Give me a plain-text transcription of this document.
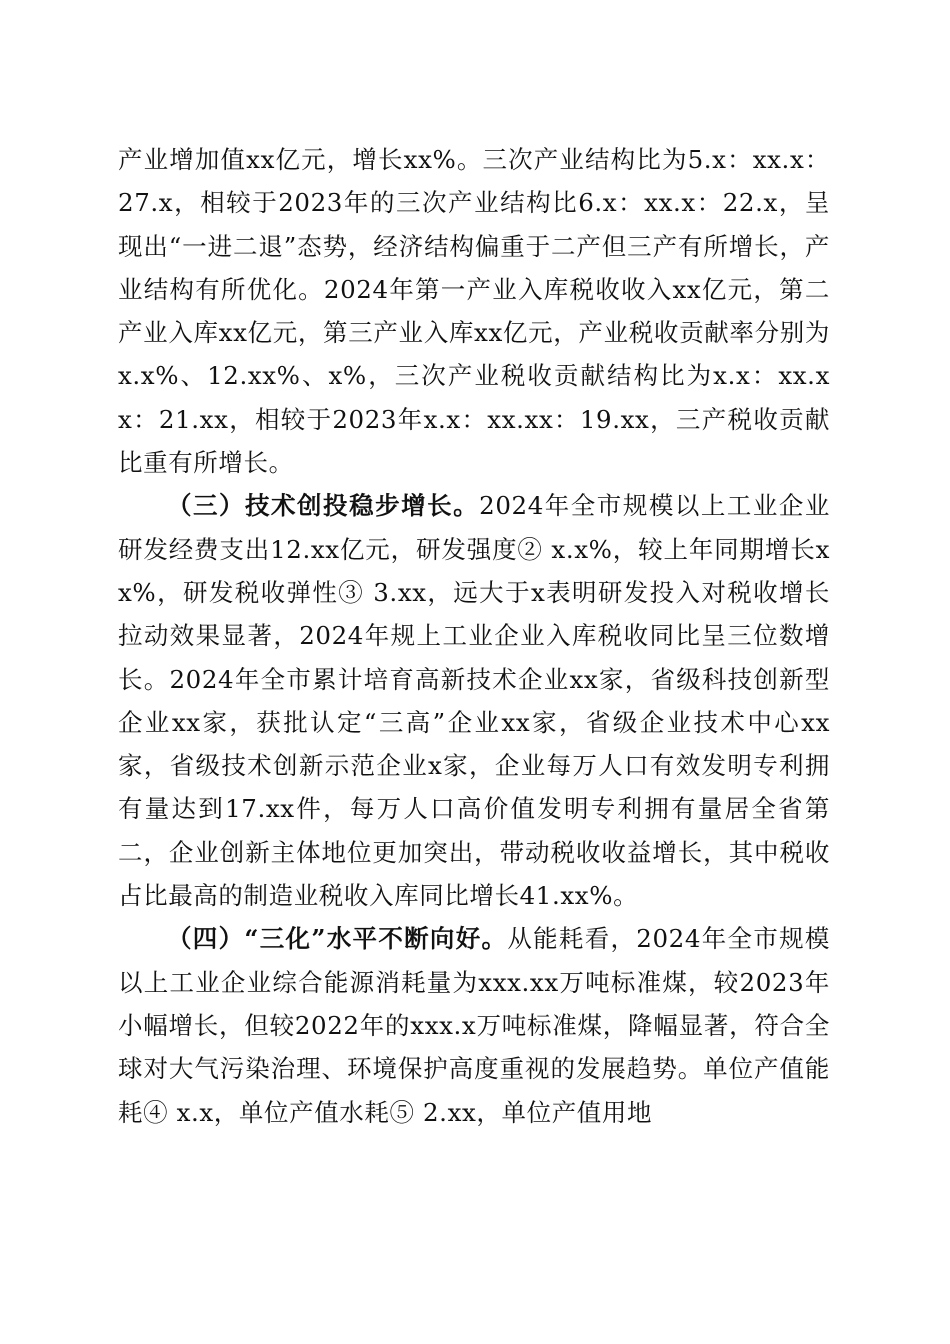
产业增加值xx亿元，增长xx%。三次产业结构比为5.x：xx.x：27.x，相较于2023年的三次产业结构比6.x：xx.x：22.x，呈现出“一进二退”态势，经济结构偏重于二产但三产有所增长，产业结构有所优化。2024年第一产业入库税收收入xx亿元，第二产业入库xx亿元，第三产业入库xx亿元，产业税收贡献率分别为x.x%、12.xx%、x%，三次产业税收贡献结构比为x.x：xx.xx：21.xx，相较于2023年x.x：xx.xx：19.xx，三产税收贡献比重有所增长。

（三）技术创投稳步增长。2024年全市规模以上工业企业研发经费支出12.xx亿元，研发强度② x.x%，较上年同期增长xx%，研发税收弹性③ 3.xx，远大于x表明研发投入对税收增长拉动效果显著，2024年规上工业企业入库税收同比呈三位数增长。2024年全市累计培育高新技术企业xx家，省级科技创新型企业xx家，获批认定“三高”企业xx家，省级企业技术中心xx家，省级技术创新示范企业x家，企业每万人口有效发明专利拥有量达到17.xx件，每万人口高价值发明专利拥有量居全省第二，企业创新主体地位更加突出，带动税收收益增长，其中税收占比最高的制造业税收入库同比增长41.xx%。

（四）“三化”水平不断向好。从能耗看，2024年全市规模以上工业企业综合能源消耗量为xxx.xx万吨标准煤，较2023年小幅增长，但较2022年的xxx.x万吨标准煤，降幅显著，符合全球对大气污染治理、环境保护高度重视的发展趋势。单位产值能耗④ x.x，单位产值水耗⑤ 2.xx，单位产值用地
